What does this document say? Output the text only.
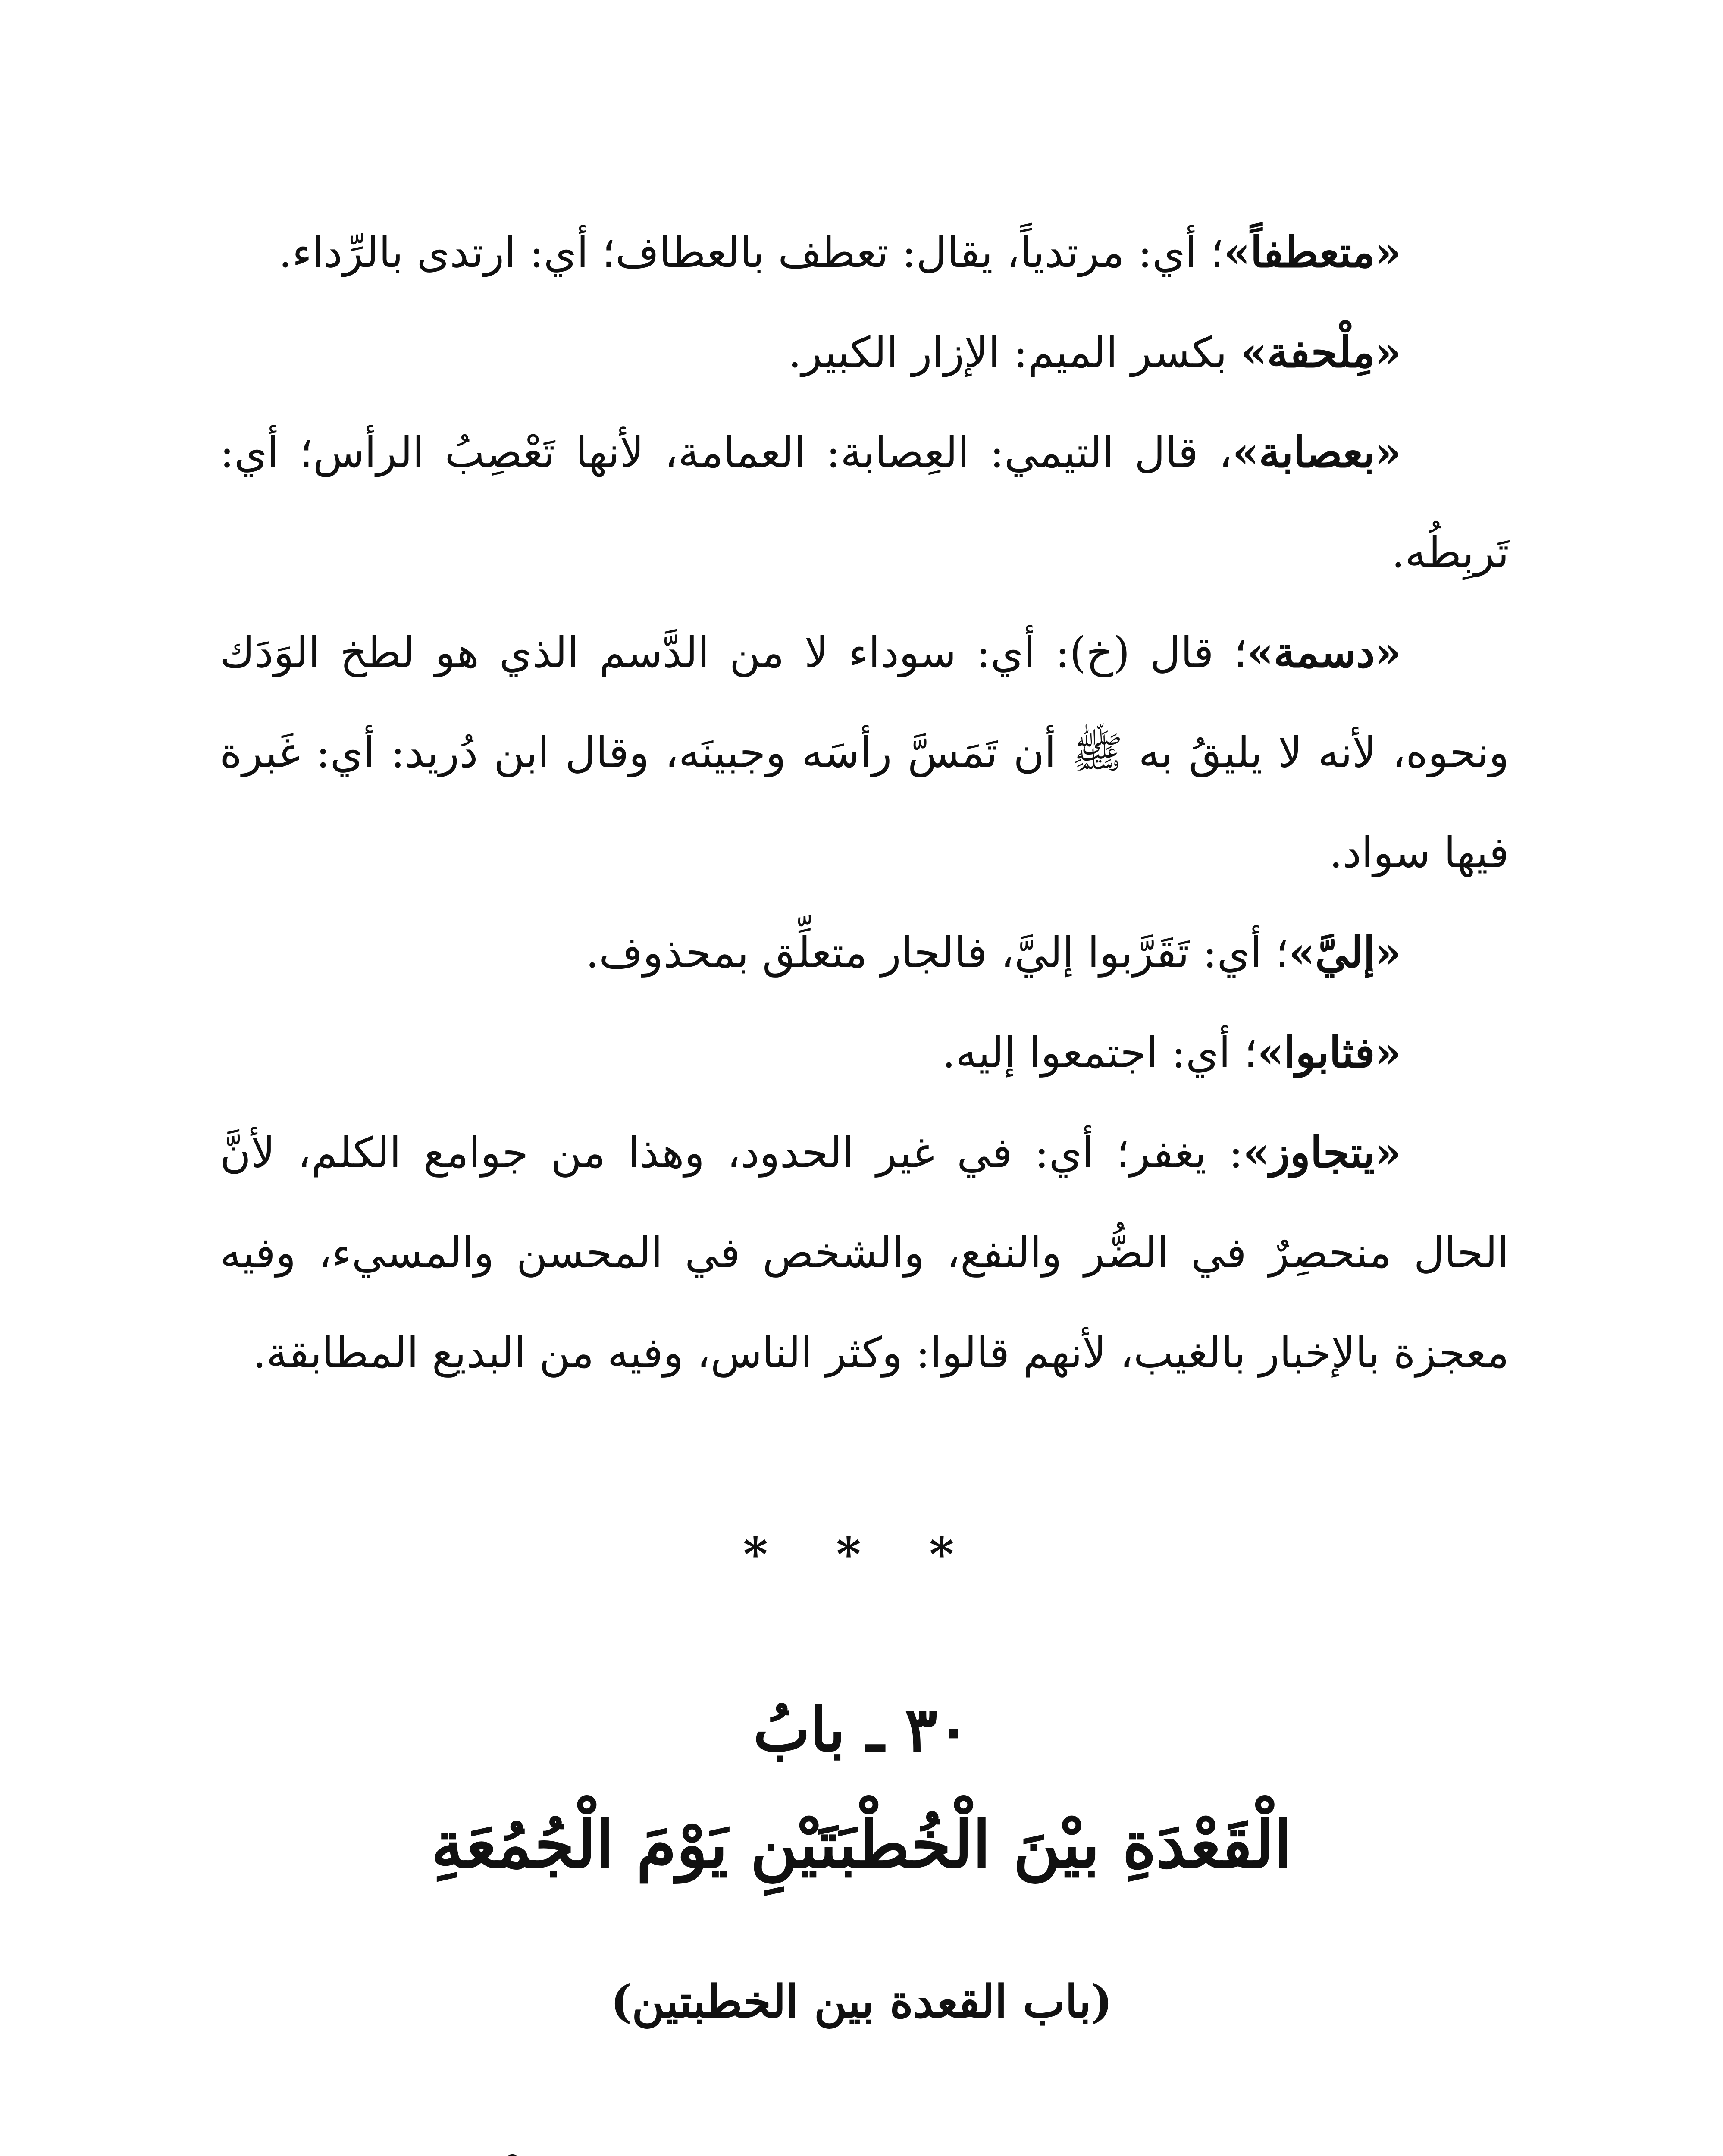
«متعطفاً»؛ أي: مرتدياً، يقال: تعطف بالعطاف؛ أي: ارتدى بالرِّداء.

«مِلْحفة» بكسر الميم: الإزار الكبير.

«بعصابة»، قال التيمي: العِصابة: العمامة، لأنها تَعْصِبُ الرأس؛ أي: تَربِطُه.

«دسمة»؛ قال (خ): أي: سوداء لا من الدَّسم الذي هو لطخ الوَدَك ونحوه، لأنه لا يليقُ به ﷺ أن تَمَسَّ رأسَه وجبينَه، وقال ابن دُريد: أي: غَبرة فيها سواد.

«إليَّ»؛ أي: تَقَرَّبوا إليَّ، فالجار متعلِّق بمحذوف.

«فثابوا»؛ أي: اجتمعوا إليه.

«يتجاوز»: يغفر؛ أي: في غير الحدود، وهذا من جوامع الكلم، لأنَّ الحال منحصِرٌ في الضُّر والنفع، والشخص في المحسن والمسيء، وفيه معجزة بالإخبار بالغيب، لأنهم قالوا: وكثر الناس، وفيه من البديع المطابقة.

* * *
٣٠ ـ بابُ
الْقَعْدَةِ بيْنَ الْخُطْبَتَيْنِ يَوْمَ الْجُمُعَةِ
(باب القعدة بين الخطبتين)
